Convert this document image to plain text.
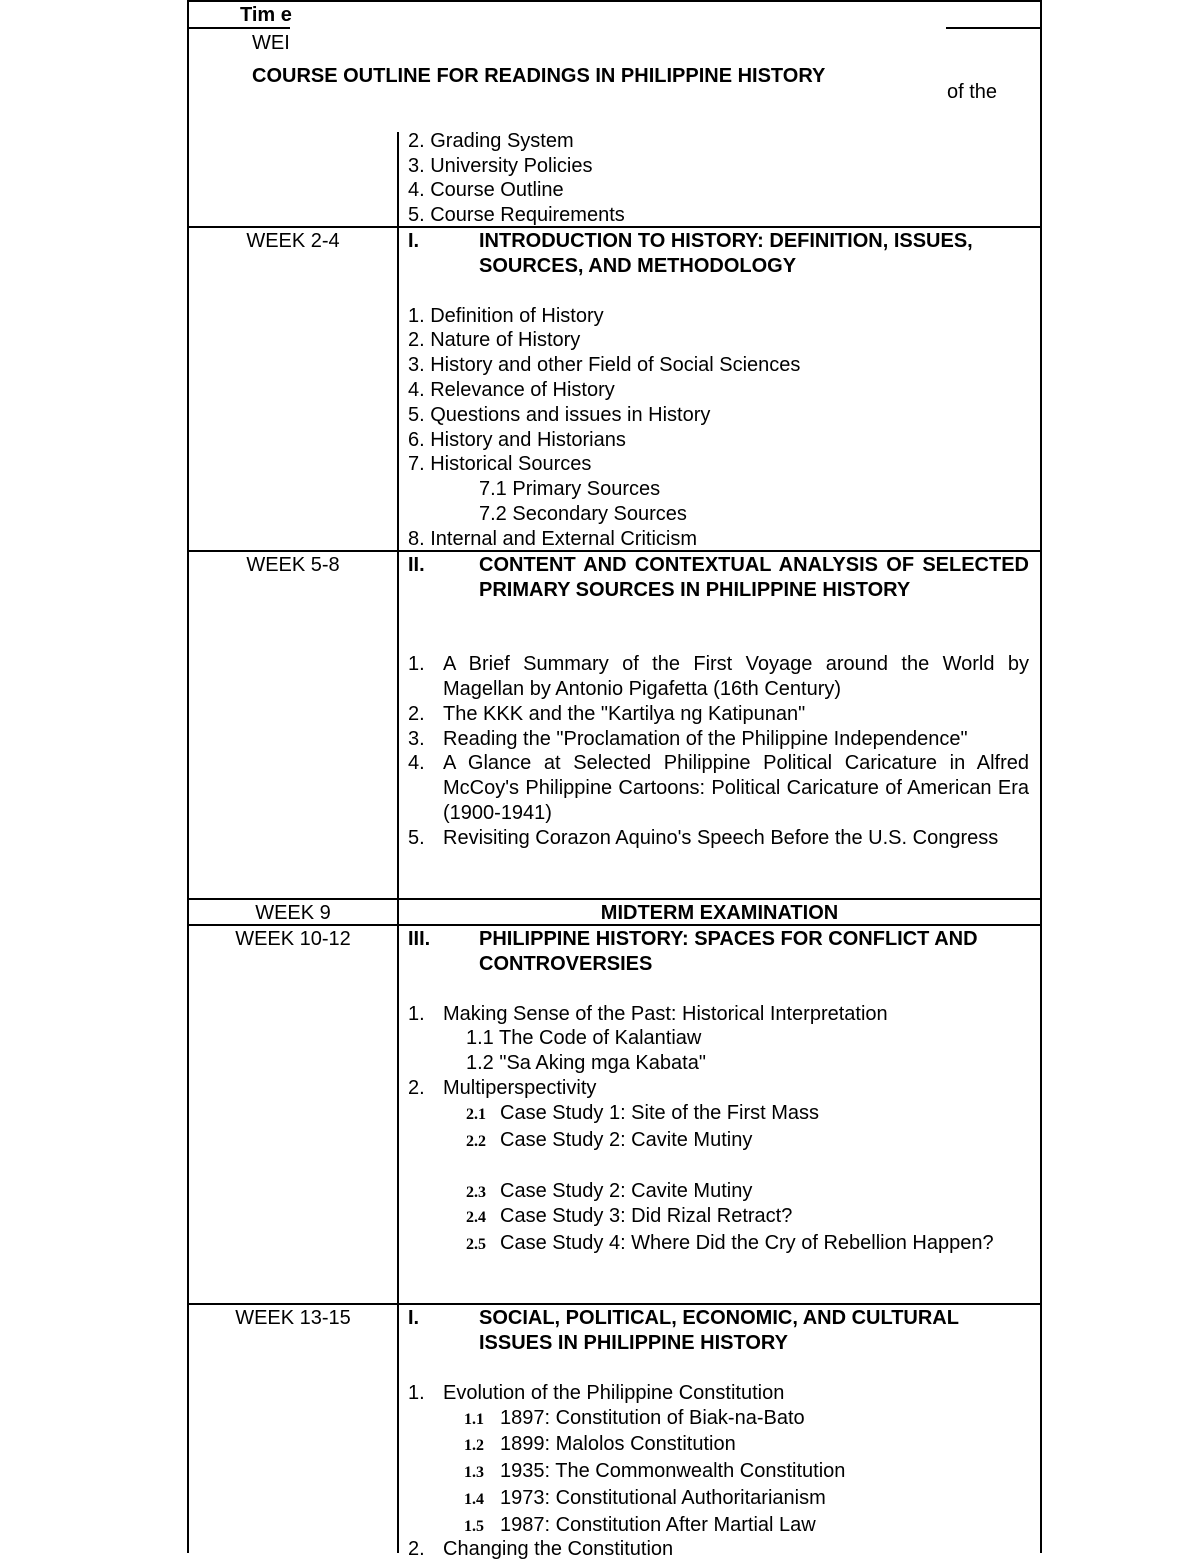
Tim e
WEI
COURSE OUTLINE FOR READINGS IN PHILIPPINE HISTORY
of the
2. Grading System
3. University Policies
4. Course Outline
5. Course Requirements
WEEK 2-4	I.	INTRODUCTION TO HISTORY: DEFINITION, ISSUES,
SOURCES, AND METHODOLOGY
1. Definition of History
2. Nature of History
3. History and other Field of Social Sciences
4. Relevance of History
5. Questions and issues in History
6. History and Historians
7. Historical Sources
7.1 Primary Sources
7.2 Secondary Sources
8. Internal and External Criticism
WEEK 5-8	II.	CONTENT AND CONTEXTUAL ANALYSIS OF SELECTED PRIMARY SOURCES IN PHILIPPINE HISTORY
1. A Brief Summary of the First Voyage around the World by Magellan by Antonio Pigafetta (16th Century)
2. The KKK and the "Kartilya ng Katipunan"
3. Reading the "Proclamation of the Philippine Independence"
4. A Glance at Selected Philippine Political Caricature in Alfred McCoy's Philippine Cartoons: Political Caricature of American Era (1900-1941)
5. Revisiting Corazon Aquino's Speech Before the U.S. Congress
WEEK 9	MIDTERM EXAMINATION
WEEK 10-12	III. PHILIPPINE HISTORY: SPACES FOR CONFLICT AND
CONTROVERSIES
1. Making Sense of the Past: Historical Interpretation
1.1 The Code of Kalantiaw
1.2 "Sa Aking mga Kabata"
2. Multiperspectivity
2.1 Case Study 1: Site of the First Mass
2.2 Case Study 2: Cavite Mutiny
2.3 Case Study 2: Cavite Mutiny
2.4 Case Study 3: Did Rizal Retract?
2.5 Case Study 4: Where Did the Cry of Rebellion Happen?
WEEK 13-15	I.	SOCIAL, POLITICAL, ECONOMIC, AND CULTURAL
ISSUES IN PHILIPPINE HISTORY
1. Evolution of the Philippine Constitution
1.1 1897: Constitution of Biak-na-Bato
1.2 1899: Malolos Constitution
1.3 1935: The Commonwealth Constitution
1.4 1973: Constitutional Authoritarianism
1.5 1987: Constitution After Martial Law
2. Changing the Constitution
